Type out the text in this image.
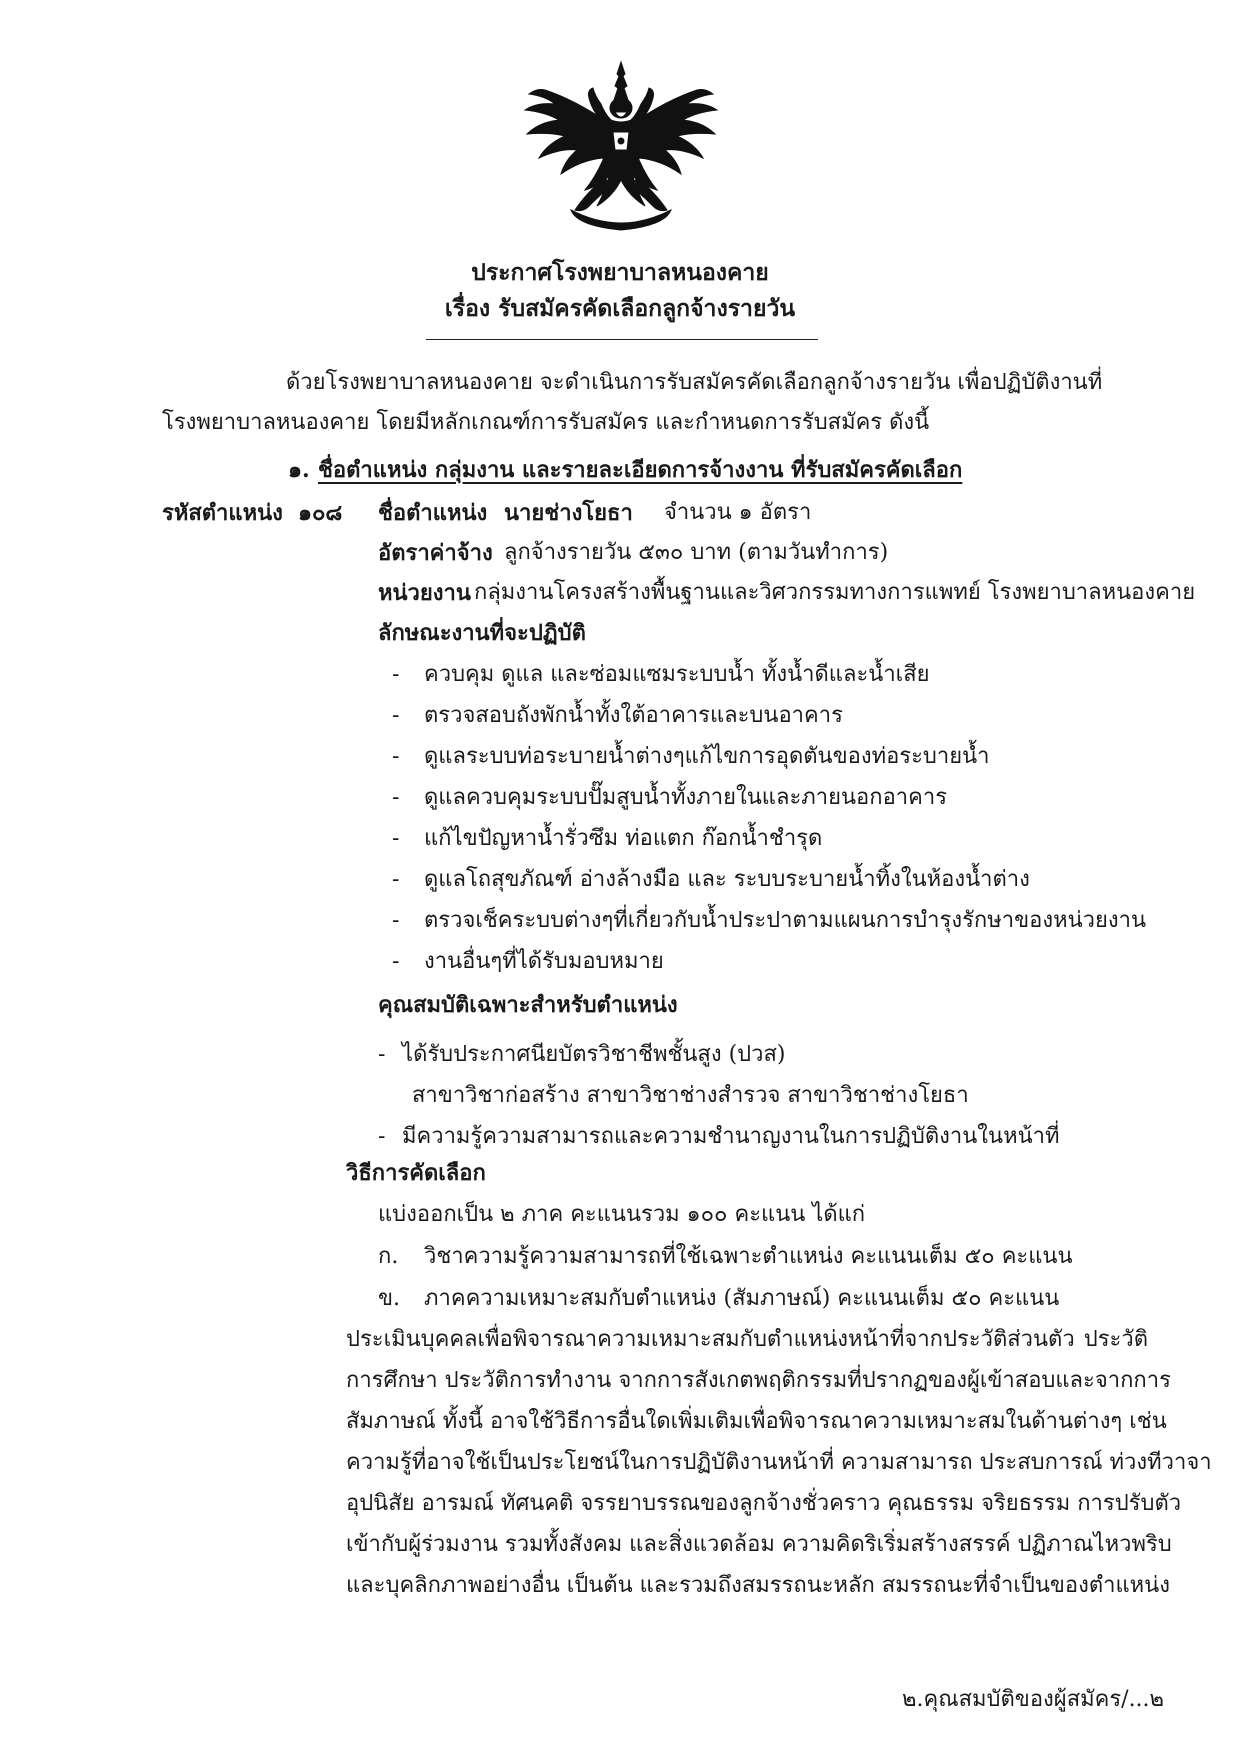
ประกาศโรงพยาบาลหนองคาย
เรื่อง รับสมัครคัดเลือกลูกจ้างรายวัน
ด้วยโรงพยาบาลหนองคาย จะดำเนินการรับสมัครคัดเลือกลูกจ้างรายวัน เพื่อปฏิบัติงานที่
โรงพยาบาลหนองคาย โดยมีหลักเกณฑ์การรับสมัคร และกำหนดการรับสมัคร ดังนี้
๑. ชื่อตำแหน่ง กลุ่มงาน และรายละเอียดการจ้างงาน ที่รับสมัครคัดเลือก
รหัสตำแหน่ง ๑๐๘ ชื่อตำแหน่ง นายช่างโยธา จำนวน ๑ อัตรา
อัตราค่าจ้าง ลูกจ้างรายวัน ๕๓๐ บาท (ตามวันทำการ)
หน่วยงาน กลุ่มงานโครงสร้างพื้นฐานและวิศวกรรมทางการแพทย์ โรงพยาบาลหนองคาย
ลักษณะงานที่จะปฏิบัติ
- ควบคุม ดูแล และซ่อมแซมระบบน้ำ ทั้งน้ำดีและน้ำเสีย
- ตรวจสอบถังพักน้ำทั้งใต้อาคารและบนอาคาร
- ดูแลระบบท่อระบายน้ำต่างๆแก้ไขการอุดตันของท่อระบายน้ำ
- ดูแลควบคุมระบบปั๊มสูบน้ำทั้งภายในและภายนอกอาคาร
- แก้ไขปัญหาน้ำรั่วซึม ท่อแตก ก๊อกน้ำชำรุด
- ดูแลโถสุขภัณฑ์ อ่างล้างมือ และ ระบบระบายน้ำทิ้งในห้องน้ำต่าง
- ตรวจเช็คระบบต่างๆที่เกี่ยวกับน้ำประปาตามแผนการบำรุงรักษาของหน่วยงาน
- งานอื่นๆที่ได้รับมอบหมาย
คุณสมบัติเฉพาะสำหรับตำแหน่ง
- ได้รับประกาศนียบัตรวิชาชีพชั้นสูง (ปวส)
สาขาวิชาก่อสร้าง สาขาวิชาช่างสำรวจ สาขาวิชาช่างโยธา
- มีความรู้ความสามารถและความชำนาญงานในการปฏิบัติงานในหน้าที่
วิธีการคัดเลือก
แบ่งออกเป็น ๒ ภาค คะแนนรวม ๑๐๐ คะแนน ได้แก่
ก. วิชาความรู้ความสามารถที่ใช้เฉพาะตำแหน่ง คะแนนเต็ม ๕๐ คะแนน
ข. ภาคความเหมาะสมกับตำแหน่ง (สัมภาษณ์) คะแนนเต็ม ๕๐ คะแนน
ประเมินบุคคลเพื่อพิจารณาความเหมาะสมกับตำแหน่งหน้าที่จากประวัติส่วนตัว ประวัติ
การศึกษา ประวัติการทำงาน จากการสังเกตพฤติกรรมที่ปรากฏของผู้เข้าสอบและจากการ
สัมภาษณ์ ทั้งนี้ อาจใช้วิธีการอื่นใดเพิ่มเติมเพื่อพิจารณาความเหมาะสมในด้านต่างๆ เช่น
ความรู้ที่อาจใช้เป็นประโยชน์ในการปฏิบัติงานหน้าที่ ความสามารถ ประสบการณ์ ท่วงทีวาจา
อุปนิสัย อารมณ์ ทัศนคติ จรรยาบรรณของลูกจ้างชั่วคราว คุณธรรม จริยธรรม การปรับตัว
เข้ากับผู้ร่วมงาน รวมทั้งสังคม และสิ่งแวดล้อม ความคิดริเริ่มสร้างสรรค์ ปฏิภาณไหวพริบ
และบุคลิกภาพอย่างอื่น เป็นต้น และรวมถึงสมรรถนะหลัก สมรรถนะที่จำเป็นของตำแหน่ง
๒.คุณสมบัติของผู้สมัคร/...๒
